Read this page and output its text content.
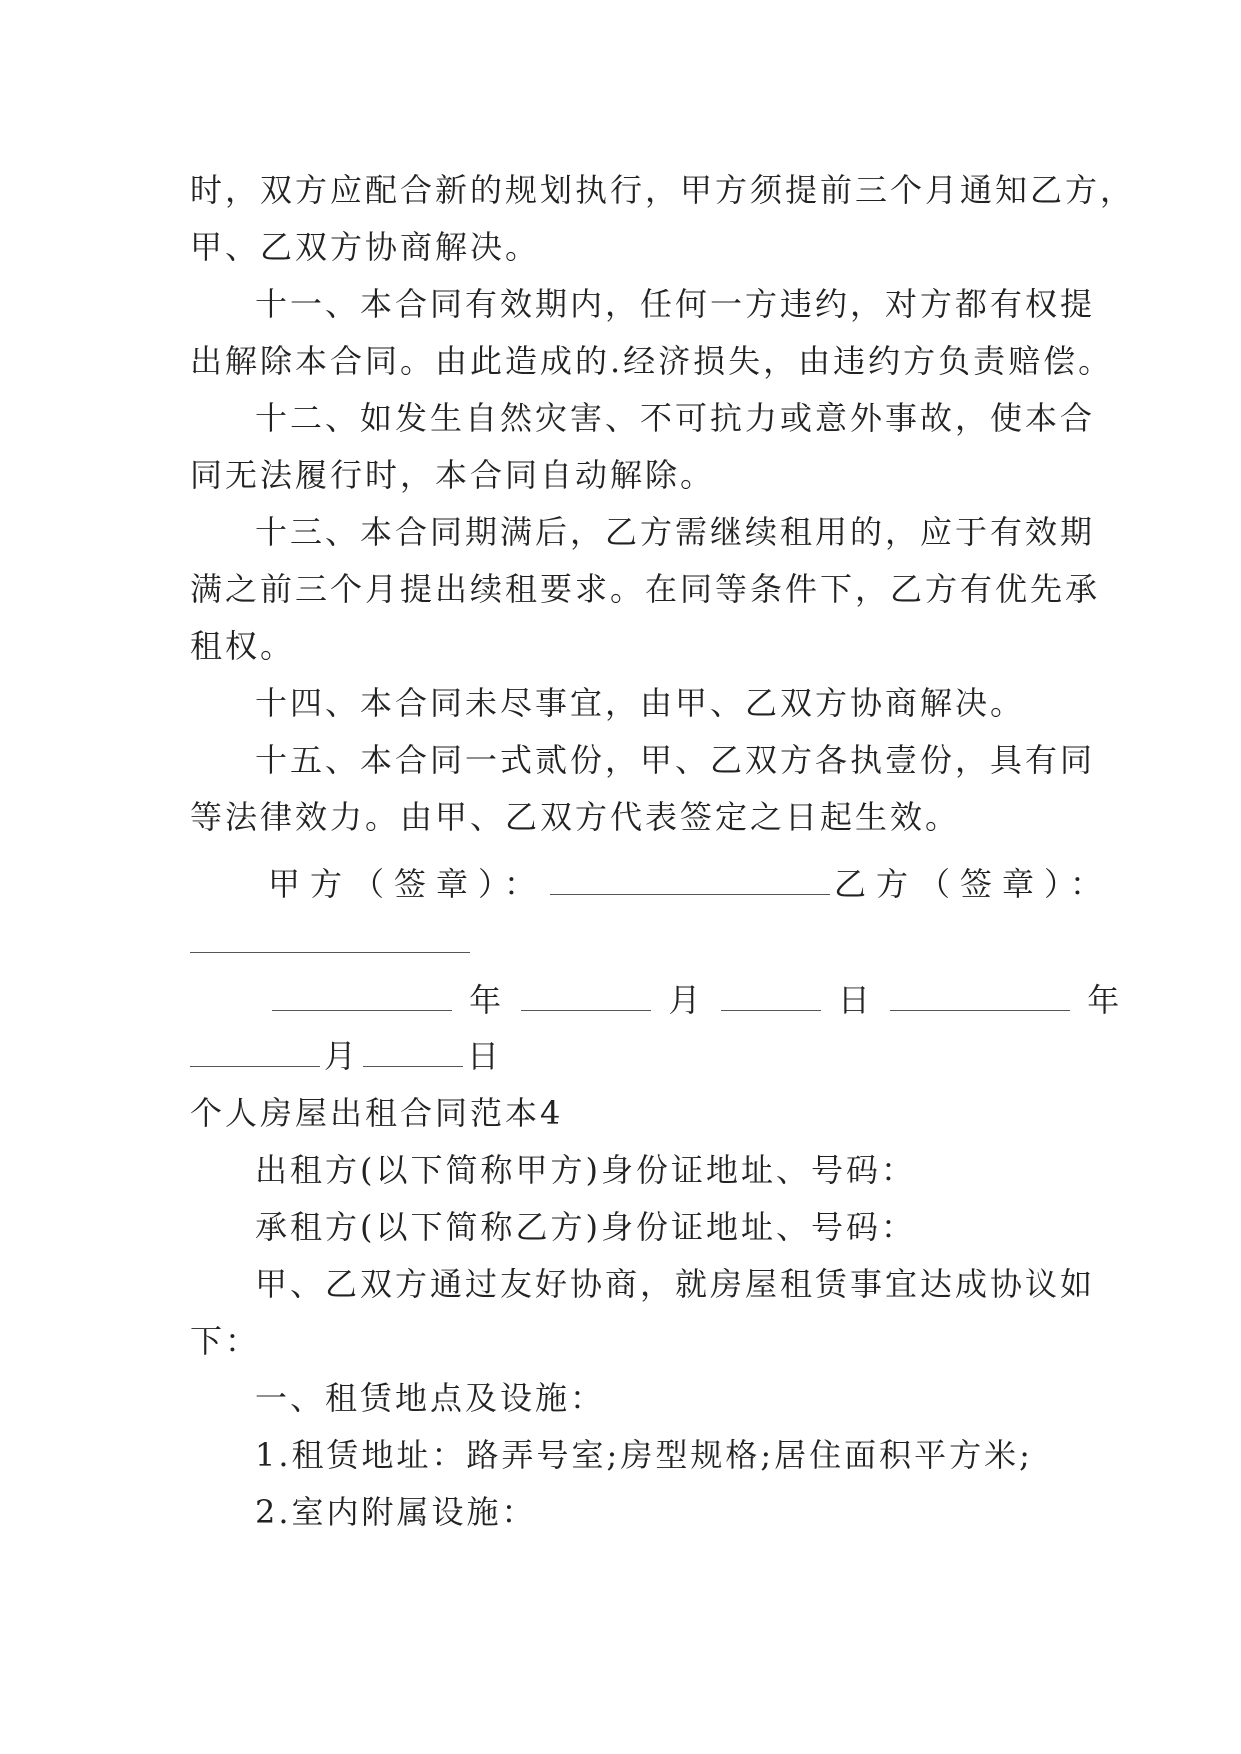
时，双方应配合新的规划执行，甲方须提前三个月通知乙方，
甲、乙双方协商解决。
十一、本合同有效期内，任何一方违约，对方都有权提
出解除本合同。由此造成的.经济损失，由违约方负责赔偿。
十二、如发生自然灾害、不可抗力或意外事故，使本合
同无法履行时，本合同自动解除。
十三、本合同期满后，乙方需继续租用的，应于有效期
满之前三个月提出续租要求。在同等条件下，乙方有优先承
租权。
十四、本合同未尽事宜，由甲、乙双方协商解决。
十五、本合同一式贰份，甲、乙双方各执壹份，具有同
等法律效力。由甲、乙双方代表签定之日起生效。
甲方（签章）：	乙方（签章）：
年	月	日	年
月	日
个人房屋出租合同范本4
出租方(以下简称甲方)身份证地址、号码：
承租方(以下简称乙方)身份证地址、号码：
甲、乙双方通过友好协商，就房屋租赁事宜达成协议如
下：
一、租赁地点及设施：
1.租赁地址：路弄号室;房型规格;居住面积平方米;
2.室内附属设施：
